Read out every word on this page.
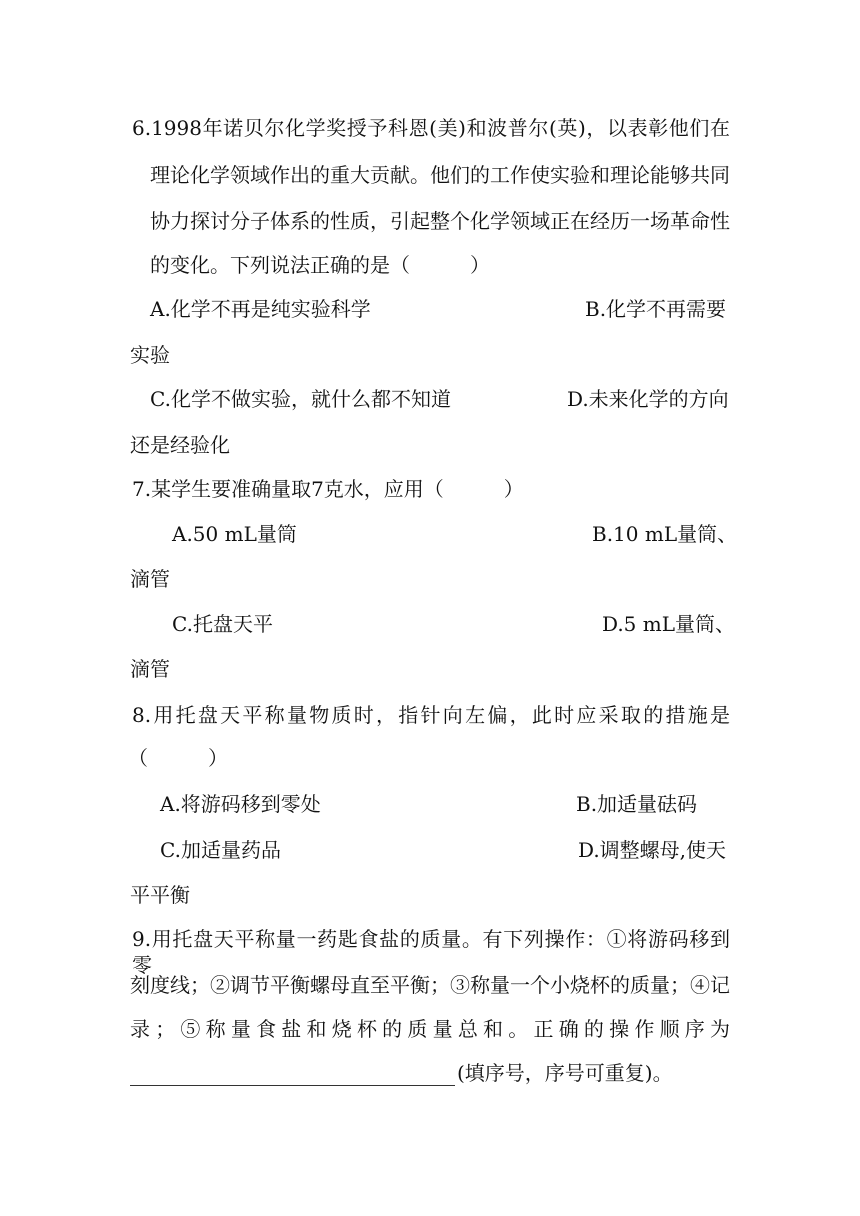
6.1998年诺贝尔化学奖授予科恩(美)和波普尔(英)，以表彰他们在
理论化学领域作出的重大贡献。他们的工作使实验和理论能够共同
协力探讨分子体系的性质，引起整个化学领域正在经历一场革命性
的变化。下列说法正确的是（　　　）
A.化学不再是纯实验科学	B.化学不再需要
实验
C.化学不做实验，就什么都不知道	D.未来化学的方向
还是经验化
7.某学生要准确量取7克水，应用（　　　）
A.50 mL量筒	B.10 mL量筒、
滴管
C.托盘天平	D.5 mL量筒、
滴管
8.用托盘天平称量物质时，指针向左偏，此时应采取的措施是
（　　　）
A.将游码移到零处	B.加适量砝码
C.加适量药品	D.调整螺母,使天
平平衡
9.用托盘天平称量一药匙食盐的质量。有下列操作：①将游码移到零
刻度线；②调节平衡螺母直至平衡；③称量一个小烧杯的质量；④记
录；⑤称量食盐和烧杯的质量总和。正确的操作顺序为
(填序号，序号可重复)。
